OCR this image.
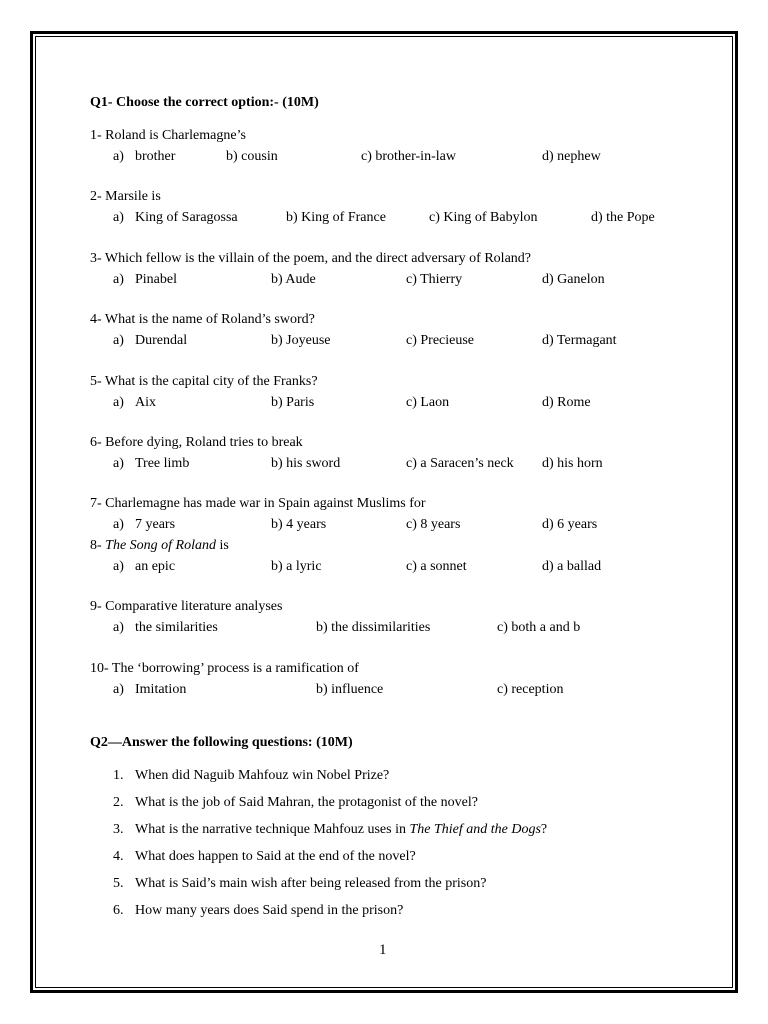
Q1- Choose the correct option:- (10M)
1- Roland is Charlemagne’s
a) brother	b) cousin	c) brother-in-law	d) nephew
2- Marsile is
a) King of Saragossa	b) King of France	c) King of Babylon	d) the Pope
3- Which fellow is the villain of the poem, and the direct adversary of Roland?
a) Pinabel	b) Aude	c) Thierry	d) Ganelon
4- What is the name of Roland’s sword?
a) Durendal	b) Joyeuse	c) Precieuse	d) Termagant
5- What is the capital city of the Franks?
a) Aix	b) Paris	c) Laon	d) Rome
6- Before dying, Roland tries to break
a) Tree limb	b) his sword	c) a Saracen’s neck d) his horn
7- Charlemagne has made war in Spain against Muslims for
a) 7 years	b) 4 years	c) 8 years	d) 6 years
8- The Song of Roland is
a) an epic	b) a lyric	c) a sonnet	d) a ballad
9- Comparative literature analyses
a) the similarities	b) the dissimilarities	c) both a and b
10- The ‘borrowing’ process is a ramification of
a) Imitation	b) influence	c) reception
Q2—Answer the following questions: (10M)
1. When did Naguib Mahfouz win Nobel Prize?
2. What is the job of Said Mahran, the protagonist of the novel?
3. What is the narrative technique Mahfouz uses in The Thief and the Dogs?
4. What does happen to Said at the end of the novel?
5. What is Said’s main wish after being released from the prison?
6. How many years does Said spend in the prison?
1
